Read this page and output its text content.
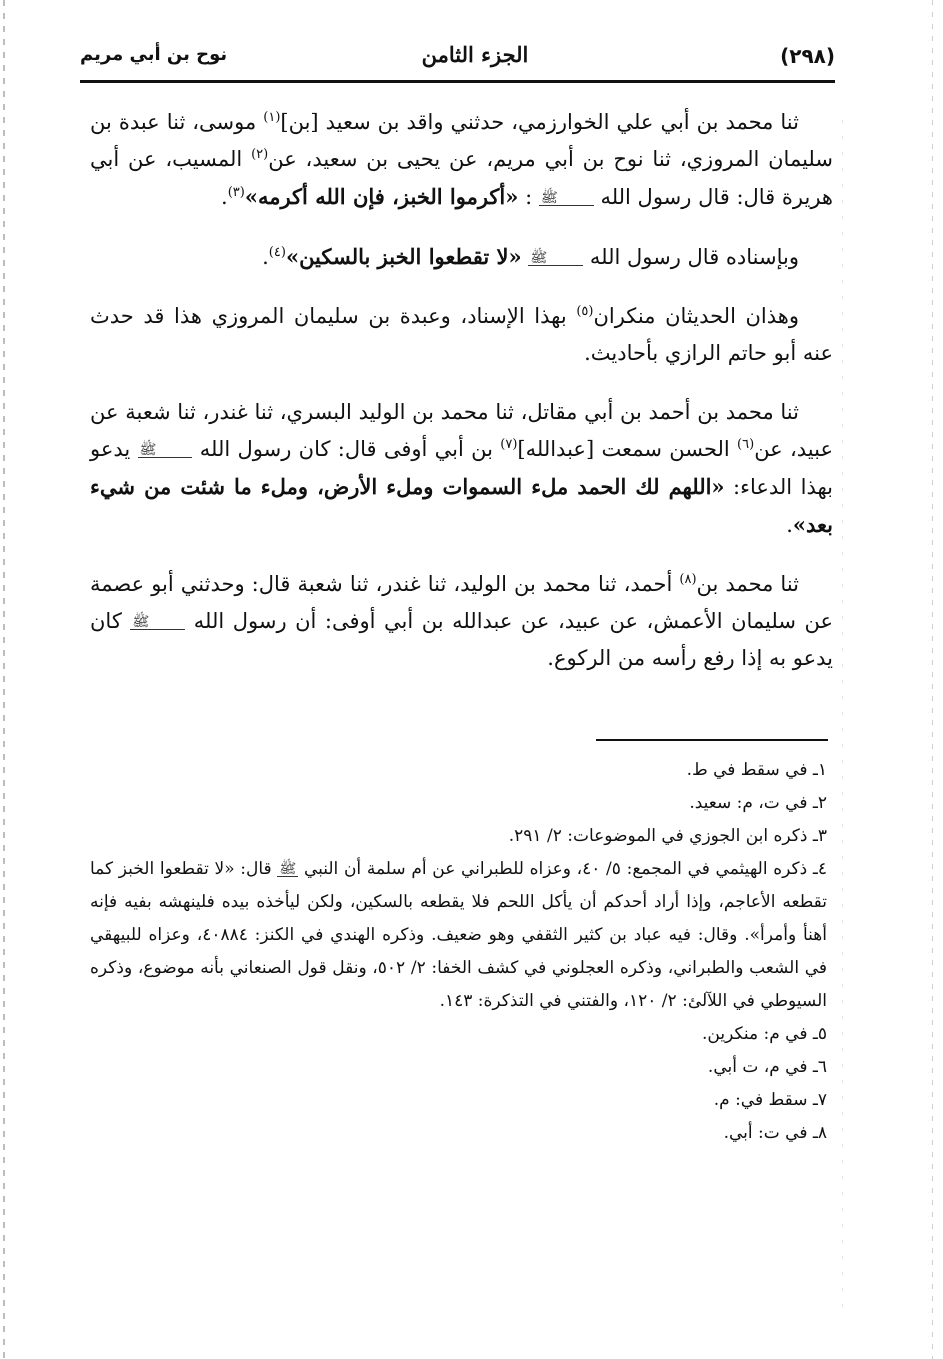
(٢٩٨)
الجزء الثامن
نوح بن أبي مريم

ثنا محمد بن أبي علي الخوارزمي، حدثني واقد بن سعيد [بن]$^{(١)}$ موسى، ثنا عبدة بن سليمان المروزي، ثنا نوح بن أبي مريم، عن يحيى بن سعيد، عن$^{(٢)}$ المسيب، عن أبي هريرة قال: قال رسول الله ﷺ : «أكرموا الخبز، فإن الله أكرمه»$^{(٣)}$.

وبإسناده قال رسول الله ﷺ «لا تقطعوا الخبز بالسكين»$^{(٤)}$.

وهذان الحديثان منكران$^{(٥)}$ بهذا الإسناد، وعبدة بن سليمان المروزي هذا قد حدث عنه أبو حاتم الرازي بأحاديث.

ثنا محمد بن أحمد بن أبي مقاتل، ثنا محمد بن الوليد البسري، ثنا غندر، ثنا شعبة عن عبيد، عن$^{(٦)}$ الحسن سمعت [عبدالله]$^{(٧)}$ بن أبي أوفى قال: كان رسول الله ﷺ يدعو بهذا الدعاء: «اللهم لك الحمد ملء السموات وملء الأرض، وملء ما شئت من شيء بعد».

ثنا محمد بن$^{(٨)}$ أحمد، ثنا محمد بن الوليد، ثنا غندر، ثنا شعبة قال: وحدثني أبو عصمة عن سليمان الأعمش، عن عبيد، عن عبدالله بن أبي أوفى: أن رسول الله ﷺ كان يدعو به إذا رفع رأسه من الركوع.

١ـ في سقط في ط.

٢ـ في ت، م: سعيد.

٣ـ ذكره ابن الجوزي في الموضوعات: ٢/ ٢٩١.

٤ـ ذكره الهيثمي في المجمع: ٥/ ٤٠، وعزاه للطبراني عن أم سلمة أن النبي ﷺ قال: «لا تقطعوا الخبز كما تقطعه الأعاجم، وإذا أراد أحدكم أن يأكل اللحم فلا يقطعه بالسكين، ولكن ليأخذه بيده فلينهشه بفيه فإنه أهنأ وأمرأ». وقال: فيه عباد بن كثير الثقفي وهو ضعيف. وذكره الهندي في الكنز: ٤٠٨٨٤، وعزاه للبيهقي في الشعب والطبراني، وذكره العجلوني في كشف الخفا: ٢/ ٥٠٢، ونقل قول الصنعاني بأنه موضوع، وذكره السيوطي في اللآلئ: ٢/ ١٢٠، والفتني في التذكرة: ١٤٣.

٥ـ في م: منكرين.

٦ـ في م، ت أبي.

٧ـ سقط في: م.

٨ـ في ت: أبي.
